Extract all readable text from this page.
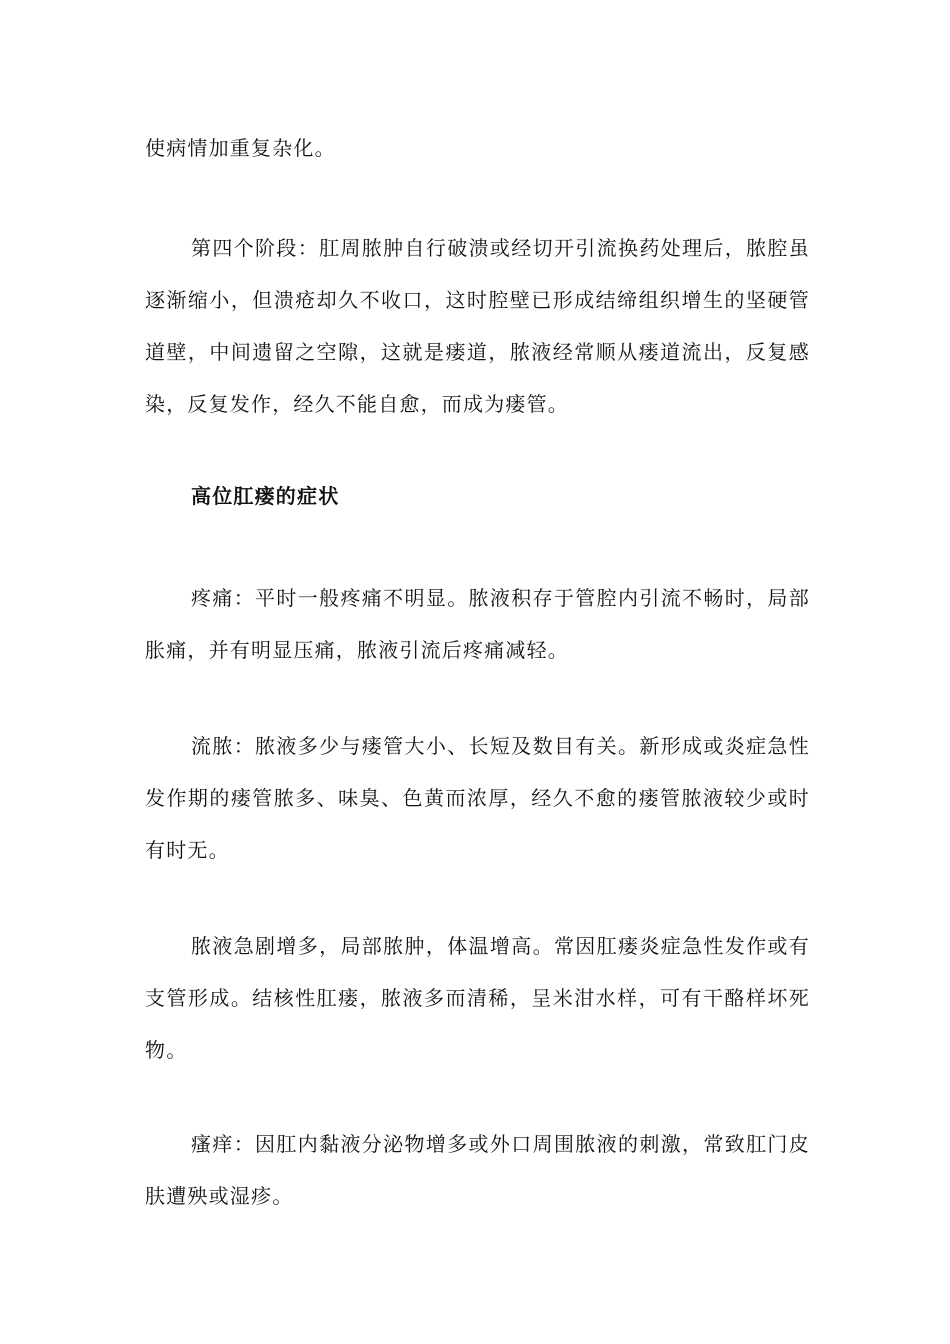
使病情加重复杂化。

第四个阶段：肛周脓肿自行破溃或经切开引流换药处理后，脓腔虽逐渐缩小，但溃疮却久不收口，这时腔壁已形成结缔组织增生的坚硬管道壁，中间遗留之空隙，这就是瘘道，脓液经常顺从瘘道流出，反复感染，反复发作，经久不能自愈，而成为瘘管。

高位肛瘘的症状

疼痛：平时一般疼痛不明显。脓液积存于管腔内引流不畅时，局部胀痛，并有明显压痛，脓液引流后疼痛减轻。

流脓：脓液多少与瘘管大小、长短及数目有关。新形成或炎症急性发作期的瘘管脓多、味臭、色黄而浓厚，经久不愈的瘘管脓液较少或时有时无。

脓液急剧增多，局部脓肿，体温增高。常因肛瘘炎症急性发作或有支管形成。结核性肛瘘，脓液多而清稀，呈米泔水样，可有干酪样坏死物。

瘙痒：因肛内黏液分泌物增多或外口周围脓液的刺激，常致肛门皮肤遭殃或湿疹。
